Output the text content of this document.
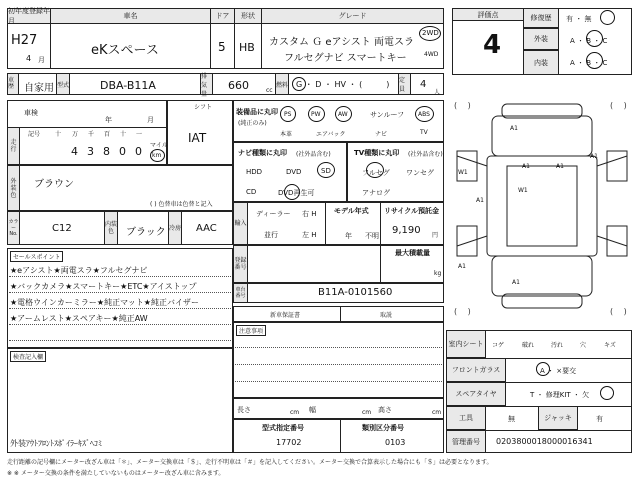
初年度登録年月
車名	ドア 形状	グレード
H27
4 月
eKスペース	5 HB カスタム Ｇ eアシスト 両電スラ
フルセグナビ スマートキー
2WD
4WD
車歴 自家用 型式	DBA-B11A
排気量
660	cc
燃料 G ・ D ・ HV ・ (　　　) 定員	4
人
評価点
4
修復歴 有 ・ 無
外装	A ・ B ・ C
内装	A ・ B ・ C
A1
A1
A1	A1
W1
W1
A1
A1
A1
( 　)	( 　)
( 　)	( 　)
車検
年	月
走行
記号 十 万 千 百 十 一
4 3 8 0 0 マイル
km
シフト
IAT
装備品に丸印
(純正のみ)
PS	PW	AW	サンルーフ ABS
本革	エアバック	ナビ	TV
ナビ種類に丸印 (社外品含む)
HDD	DVD	SD
CD	DVD再生可
TV種類に丸印 (社外品含む)
フルセグ ワンセグ
アナログ
外装色
ブラウン
( ) 色替車は色替と記入
カラー No.	C12	内装色	ブラック 冷房 AAC	輸入
ディーラー
並行
右 H
左 H
モデル年式
年 不明
リサイクル預託金
9,190 円
セールスポイント
★eアシスト★両電スラ★フルセグナビ
★バックカメラ★スマートキー★ETC★アイストップ
★電格ウインカーミラー★純正マット★純正バイザー
★アームレスト★スペアキー★純正AW
検査記入欄
外装ｱｳﾄﾌﾛﾝﾄｽﾎﾟｲﾗｰｷｽﾞﾍｺﾐ
登録番号
最大積載量
kg
車台番号	B11A-0101560
新車保証書	取説
注意事項
長さ	cm 幅	cm 高さ	cm
型式指定番号	類別区分番号
17702	0103
室内シート コゲ	破れ	汚れ	穴	キズ
フロントガラス	A ・ ×要交
スペアタイヤ	T ・ 修理KIT ・ 欠
工具	無	ジャッキ	有
管理番号 0203800018000016341
走行距離の記号欄にメーター改ざん車は「＊」、メーター交換車は「＄」、走行不明車は「＃」を記入してください。メーター交換で合算表示した場合にも「＄」は必要となります。
※ ※ メーター交換の条件を満たしていないものはメーター改ざん車に含みます。
